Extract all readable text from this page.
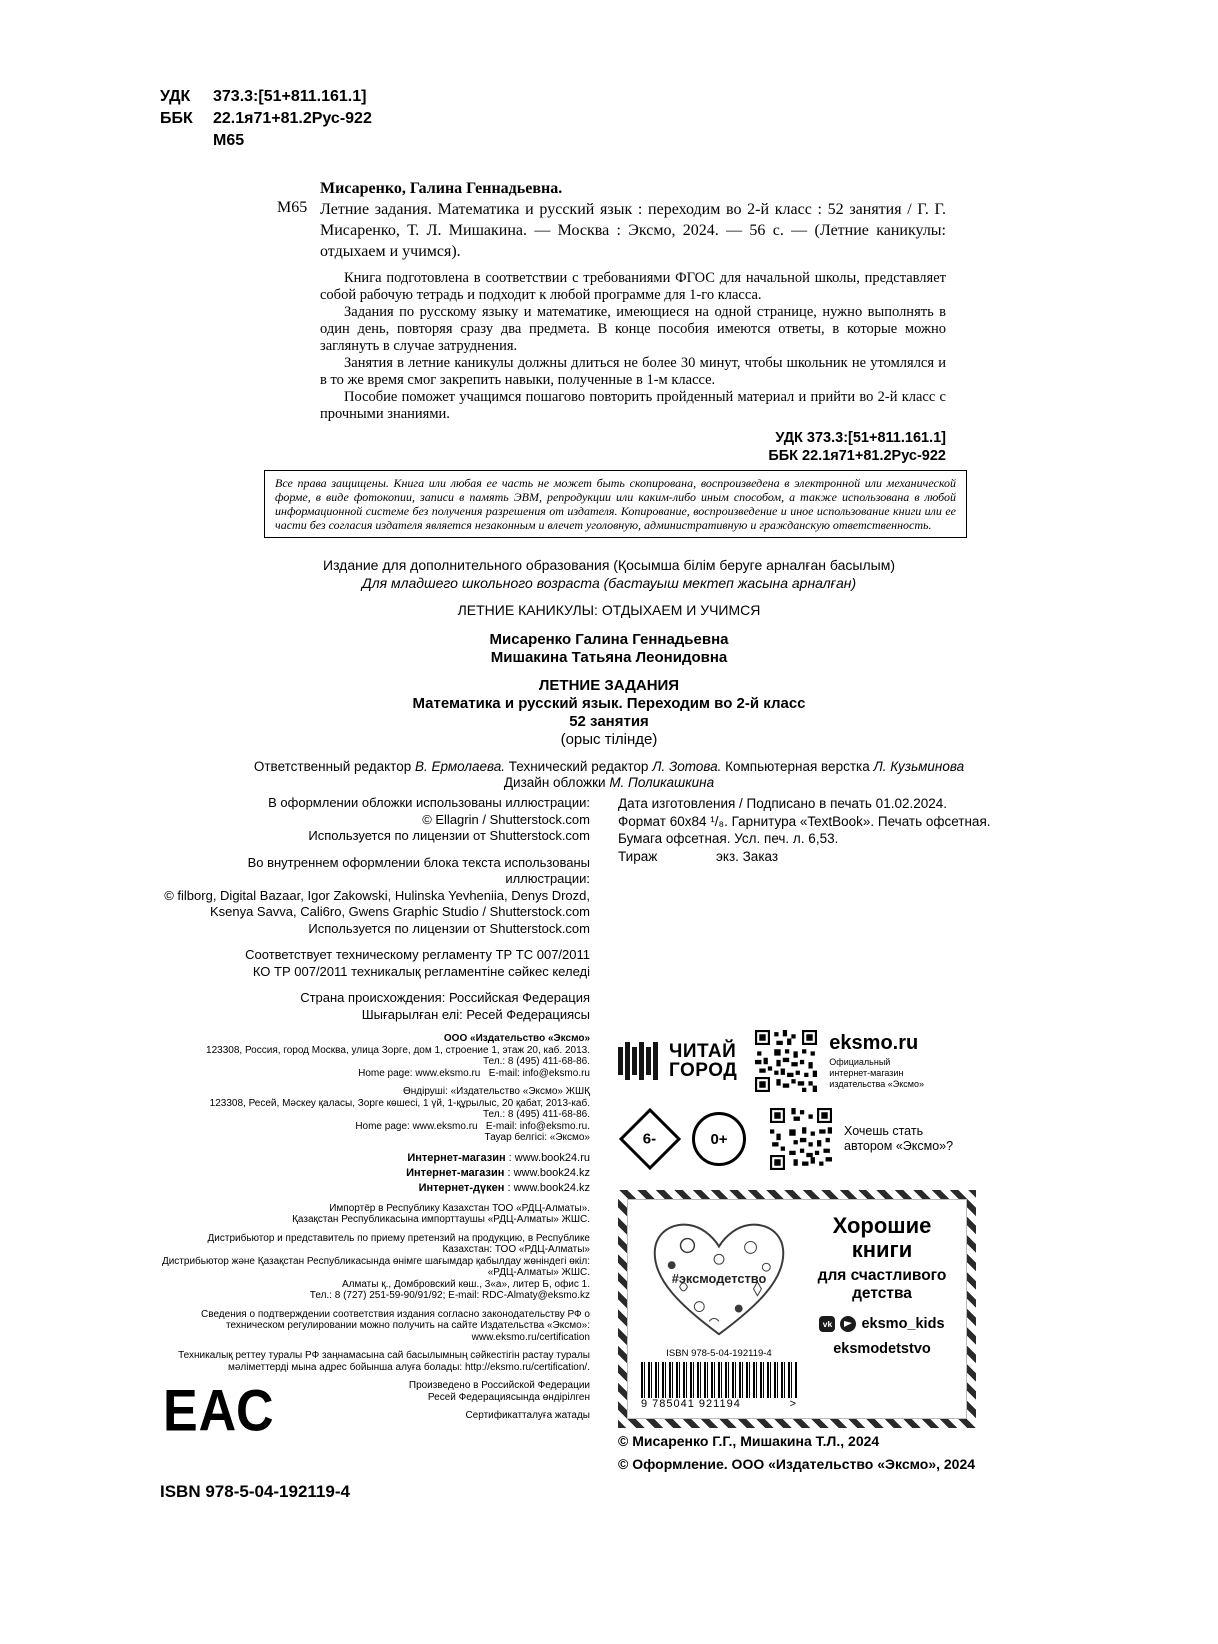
УДК	373.3:[51+811.161.1]
ББК	22.1я71+81.2Рус-922
М65
Мисаренко, Галина Геннадьевна.
М65 Летние задания. Математика и русский язык : переходим во 2-й класс : 52 занятия / Г. Г. Мисаренко, Т. Л. Мишакина. — Москва : Эксмо, 2024. — 56 с. — (Летние каникулы: отдыхаем и учимся).

Книга подготовлена в соответствии с требованиями ФГОС для начальной школы, представляет собой рабочую тетрадь и подходит к любой программе для 1-го класса.

Задания по русскому языку и математике, имеющиеся на одной странице, нужно выполнять в один день, повторяя сразу два предмета. В конце пособия имеются ответы, в которые можно заглянуть в случае затруднения.

Занятия в летние каникулы должны длиться не более 30 минут, чтобы школьник не утомлялся и в то же время смог закрепить навыки, полученные в 1-м классе.

Пособие поможет учащимся пошагово повторить пройденный материал и прийти во 2-й класс с прочными знаниями.

УДК 373.3:[51+811.161.1]
ББК 22.1я71+81.2Рус-922

Все права защищены. Книга или любая ее часть не может быть скопирована, воспроизведена в электронной или механической форме, в виде фотокопии, записи в память ЭВМ, репродукции или каким-либо иным способом, а также использована в любой информационной системе без получения разрешения от издателя. Копирование, воспроизведение и иное использование книги или ее части без согласия издателя является незаконным и влечет уголовную, административную и гражданскую ответственность.

Издание для дополнительного образования (Қосымша білім беруге арналған басылым)
Для младшего школьного возраста (бастауыш мектеп жасына арналған)
ЛЕТНИЕ КАНИКУЛЫ: ОТДЫХАЕМ И УЧИМСЯ
Мисаренко Галина Геннадьевна
Мишакина Татьяна Леонидовна
ЛЕТНИЕ ЗАДАНИЯ
Математика и русский язык. Переходим во 2-й класс
52 занятия
(орыс тілінде)
Ответственный редактор В. Ермолаева. Технический редактор Л. Зотова. Компьютерная верстка Л. Кузьминова
Дизайн обложки М. Поликашкина
В оформлении обложки использованы иллюстрации:
© Ellagrin / Shutterstock.com
Используется по лицензии от Shutterstock.com
Во внутреннем оформлении блока текста использованы иллюстрации:
© filborg, Digital Bazaar, Igor Zakowski, Hulinska Yevheniia, Denys Drozd, Ksenya Savva, Cali6ro, Gwens Graphic Studio / Shutterstock.com
Используется по лицензии от Shutterstock.com
Соответствует техническому регламенту ТР ТС 007/2011
КО ТР 007/2011 техникалық регламентіне сәйкес келеді
Страна происхождения: Российская Федерация
Шығарылған елі: Ресей Федерациясы
ООО «Издательство «Эксмо»
123308, Россия, город Москва, улица Зорге, дом 1, строение 1, этаж 20, каб. 2013.
Тел.: 8 (495) 411-68-86.
Home page: www.eksmo.ru   E-mail: info@eksmo.ru
Өндіруші: «Издательство «Эксмо» ЖШҚ
123308, Ресей, Мәскеу қаласы, Зорге көшесі, 1 үй, 1-құрылыс, 20 қабат, 2013-каб.
Тел.: 8 (495) 411-68-86.
Home page: www.eksmo.ru   E-mail: info@eksmo.ru.
Тауар белгісі: «Эксмо»
Интернет-магазин : www.book24.ru
Интернет-магазин : www.book24.kz
Интернет-дүкен : www.book24.kz
Импортёр в Республику Казахстан ТОО «РДЦ-Алматы».
Қазақстан Республикасына импорттаушы «РДЦ-Алматы» ЖШС.
Дистрибьютор и представитель по приему претензий на продукцию, в Республике Казахстан: ТОО «РДЦ-Алматы»
Дистрибьютор және Қазақстан Республикасында өнімге шағымдар қабылдау жөніндегі өкіл: «РДЦ-Алматы» ЖШС.
Алматы қ., Домбровский көш., 3«а», литер Б, офис 1.
Тел.: 8 (727) 251-59-90/91/92; E-mail: RDC-Almaty@eksmo.kz
Сведения о подтверждении соответствия издания согласно законодательству РФ о техническом регулировании можно получить на сайте Издательства «Эксмо»: www.eksmo.ru/certification
Техникалық реттеу туралы РФ заңнамасына сай басылымның сәйкестігін растау туралы мәліметтерді мына адрес бойынша алуға болады: http://eksmo.ru/certification/.
Произведено в Российской Федерации
Ресей Федерациясында өндірілген
Сертификатталуға жатады
Дата изготовления / Подписано в печать 01.02.2024.
Формат 60x84 ¹/₈. Гарнитура «TextBook». Печать офсетная.
Бумага офсетная. Усл. печ. л. 6,53.
Тираж	экз. Заказ
ЧИТАЙ
ГОРОД
eksmo.ru
Официальный интернет-магазин издательства «Эксмо»
6-	0+	Хочешь стать автором «Эксмо»?
#эксмодетство
ISBN 978-5-04-192119-4
9 785041 921194	>
Хорошие книги
для счастливого детства
vk eksmo_kids
eksmodetstvo
ЕАС
ISBN 978-5-04-192119-4
© Мисаренко Г.Г., Мишакина Т.Л., 2024
© Оформление. ООО «Издательство «Эксмо», 2024
